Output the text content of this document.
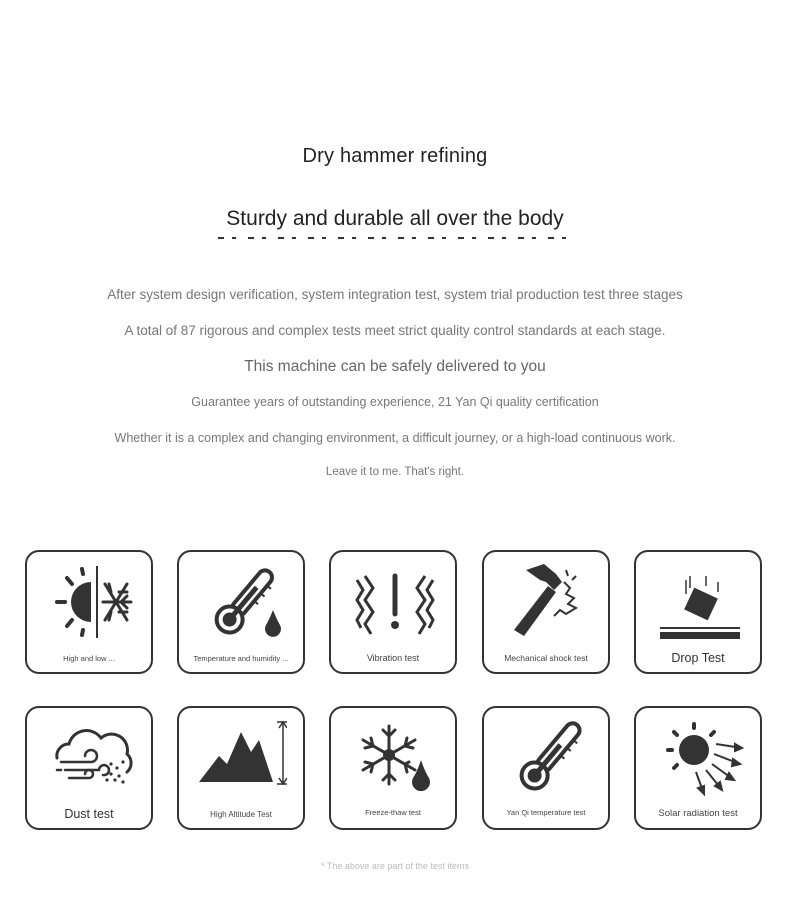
Dry hammer refining
Sturdy and durable all over the body
After system design verification, system integration test, system trial production test three stages
A total of 87 rigorous and complex tests meet strict quality control standards at each stage.
This machine can be safely delivered to you
Guarantee years of outstanding experience, 21 Yan Qi quality certification
Whether it is a complex and changing environment, a difficult journey, or a high-load continuous work.
Leave it to me. That's right.
High and low ...	Temperature and humidity ...	Vibration test	Mechanical shock test	Drop Test
Dust test	High Altitude Test	Freeze-thaw test	Yan Qi temperature test	Solar radiation test
* The above are part of the test items
